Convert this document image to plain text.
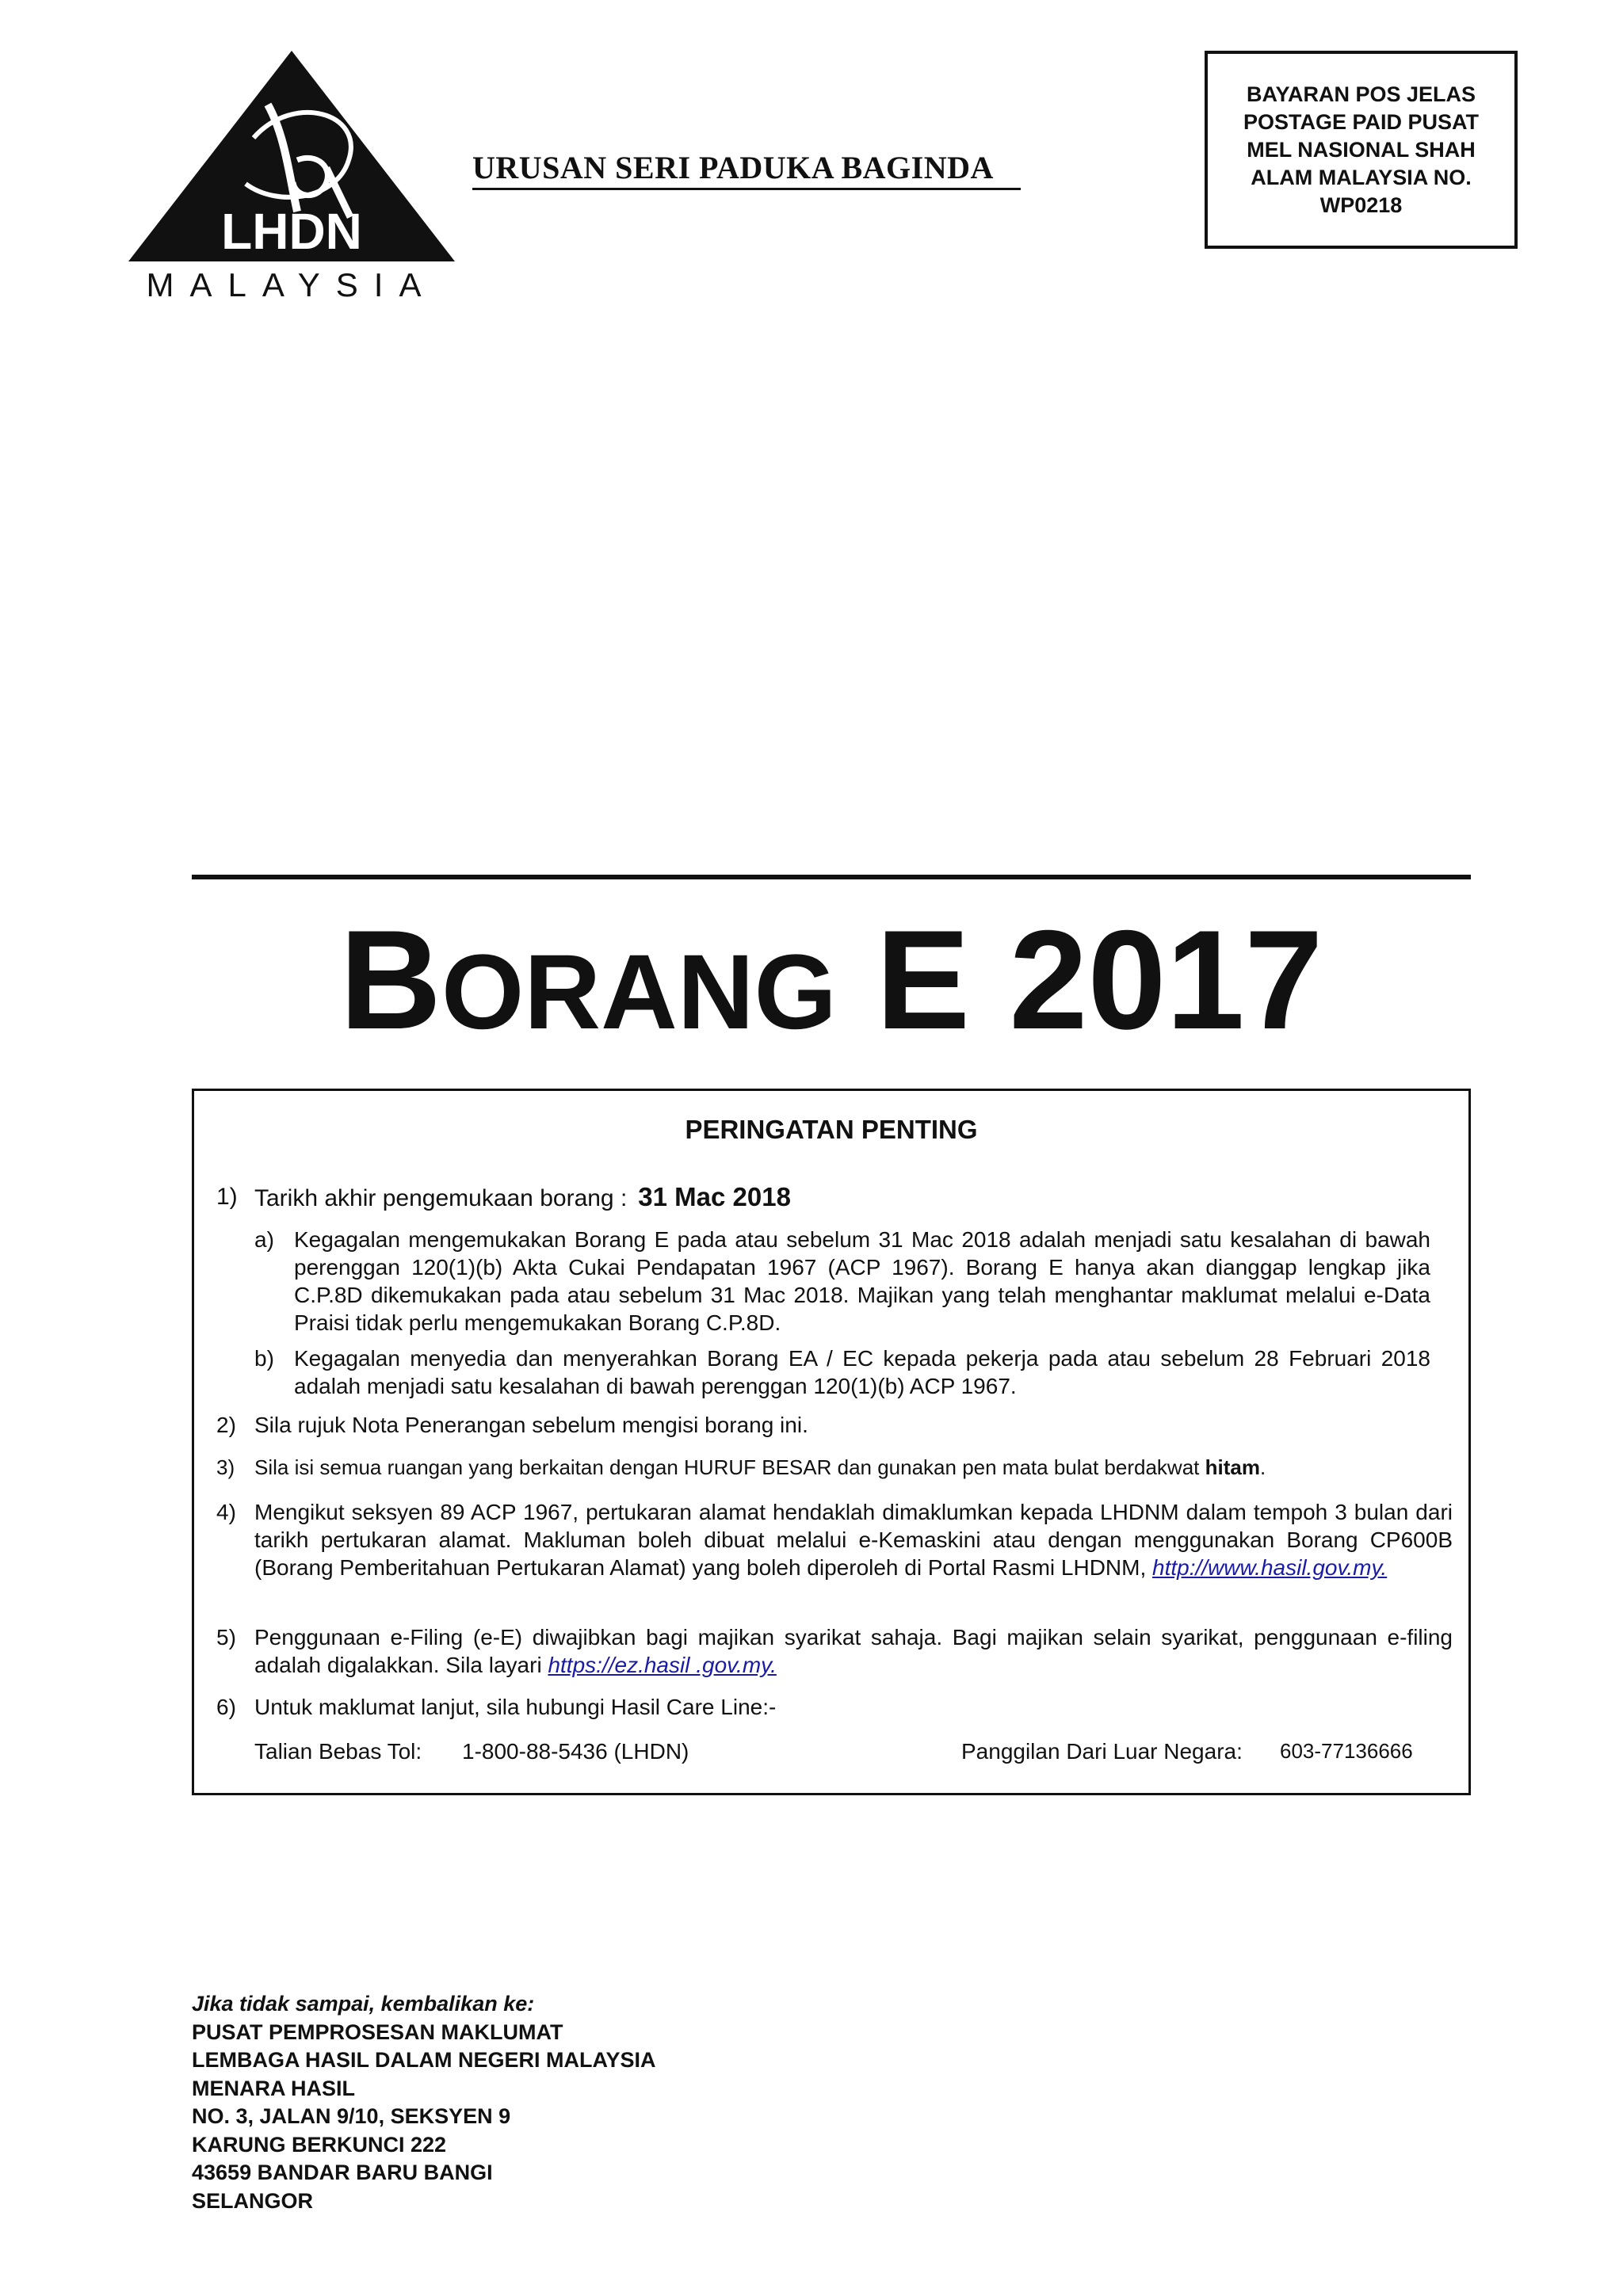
LHDN
MALAYSIA
URUSAN SERI PADUKA BAGINDA
BAYARAN POS JELAS
POSTAGE PAID PUSAT
MEL NASIONAL SHAH
ALAM MALAYSIA NO.
WP0218
BORANG E 2017
PERINGATAN PENTING
1) Tarikh akhir pengemukaan borang : 31 Mac 2018
a) Kegagalan mengemukakan Borang E pada atau sebelum 31 Mac 2018 adalah menjadi satu kesalahan di bawah perenggan 120(1)(b) Akta Cukai Pendapatan 1967 (ACP 1967). Borang E hanya akan dianggap lengkap jika C.P.8D dikemukakan pada atau sebelum 31 Mac 2018. Majikan yang telah menghantar maklumat melalui e-Data Praisi tidak perlu mengemukakan Borang C.P.8D.
b) Kegagalan menyedia dan menyerahkan Borang EA / EC kepada pekerja pada atau sebelum 28 Februari 2018 adalah menjadi satu kesalahan di bawah perenggan 120(1)(b) ACP 1967.
2) Sila rujuk Nota Penerangan sebelum mengisi borang ini.
3) Sila isi semua ruangan yang berkaitan dengan HURUF BESAR dan gunakan pen mata bulat berdakwat hitam.
4) Mengikut seksyen 89 ACP 1967, pertukaran alamat hendaklah dimaklumkan kepada LHDNM dalam tempoh 3 bulan dari tarikh pertukaran alamat. Makluman boleh dibuat melalui e-Kemaskini atau dengan menggunakan Borang CP600B (Borang Pemberitahuan Pertukaran Alamat) yang boleh diperoleh di Portal Rasmi LHDNM, http://www.hasil.gov.my.
5) Penggunaan e-Filing (e-E) diwajibkan bagi majikan syarikat sahaja. Bagi majikan selain syarikat, penggunaan e-filing adalah digalakkan. Sila layari https://ez.hasil .gov.my.
6) Untuk maklumat lanjut, sila hubungi Hasil Care Line:-
Talian Bebas Tol: 1-800-88-5436 (LHDN)	Panggilan Dari Luar Negara: 603-77136666
Jika tidak sampai, kembalikan ke:
PUSAT PEMPROSESAN MAKLUMAT
LEMBAGA HASIL DALAM NEGERI MALAYSIA
MENARA HASIL
NO. 3, JALAN 9/10, SEKSYEN 9
KARUNG BERKUNCI 222
43659 BANDAR BARU BANGI
SELANGOR
